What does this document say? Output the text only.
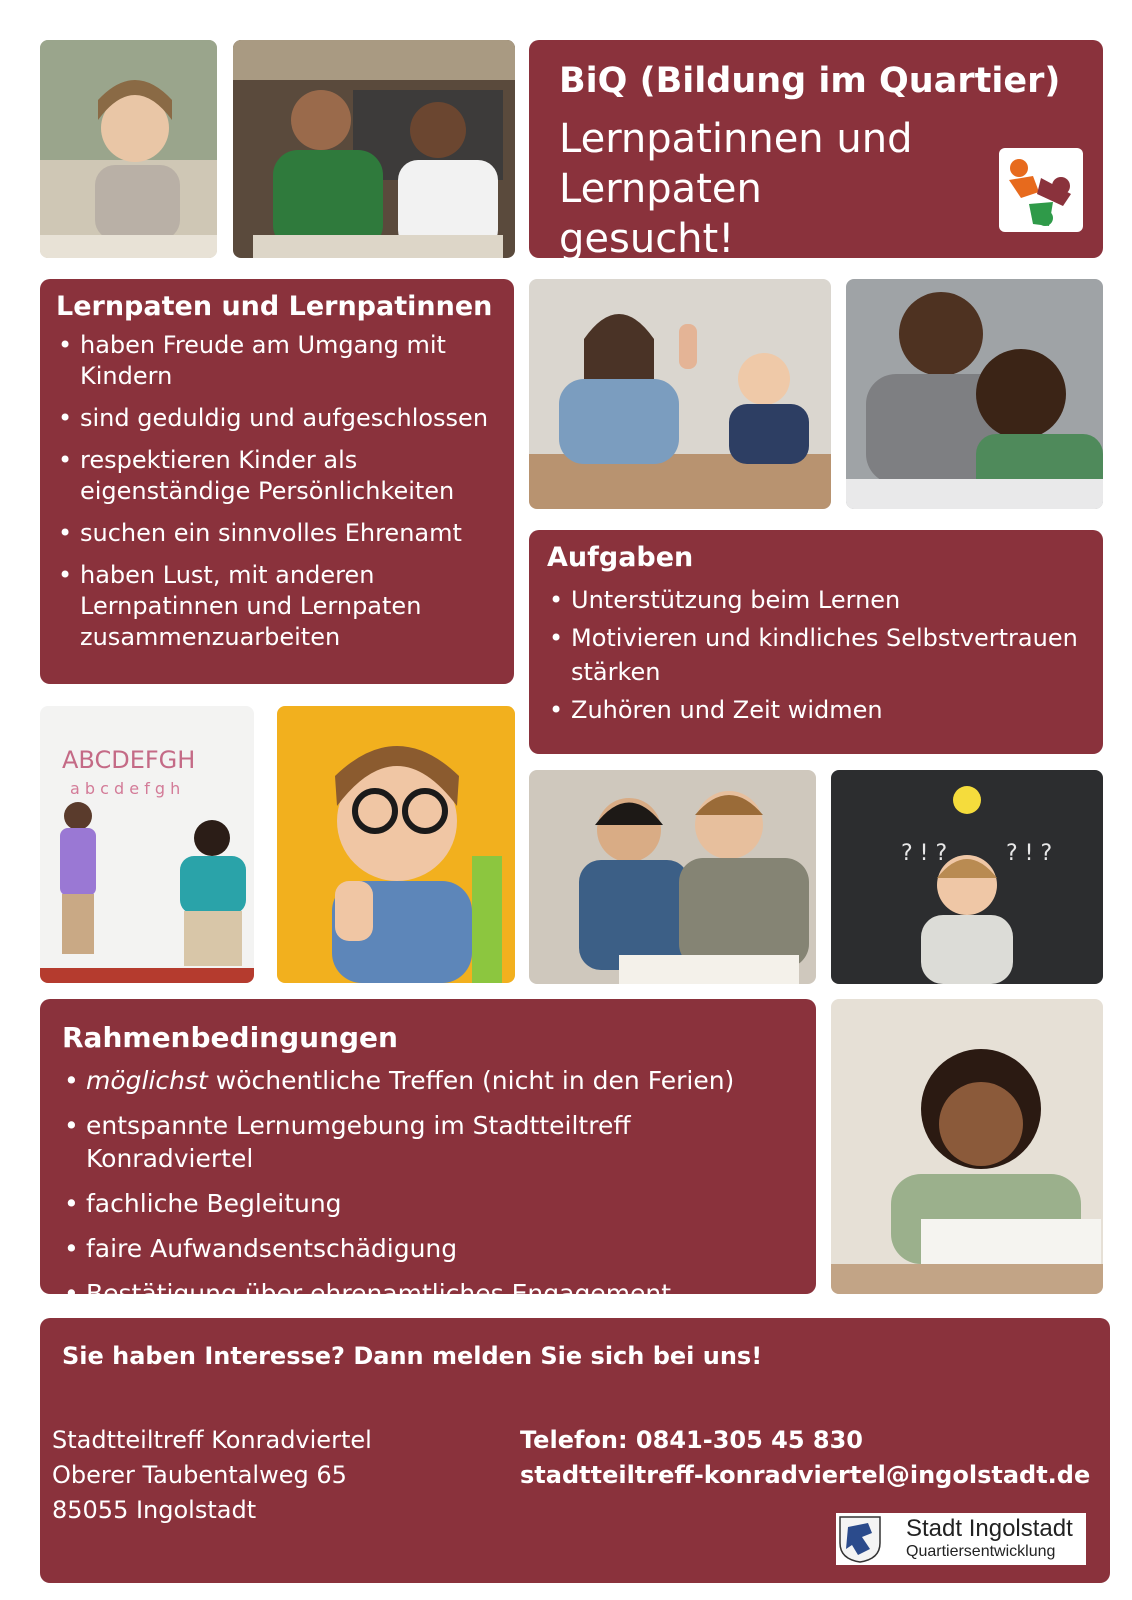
ABCDEFGH
a b c d e f g h
? ! ?	? ! ?
BiQ (Bildung im Quartier)
Lernpatinnen und Lernpaten gesucht!
Lernpaten und Lernpatinnen
• haben Freude am Umgang mit Kindern
• sind geduldig und aufgeschlossen
• respektieren Kinder als eigenständige Persönlichkeiten
• suchen ein sinnvolles Ehrenamt
• haben Lust, mit anderen Lernpatinnen und Lernpaten zusammenzuarbeiten
Aufgaben
• Unterstützung beim Lernen
• Motivieren und kindliches Selbstvertrauen stärken
• Zuhören und Zeit widmen
Rahmenbedingungen
• möglichst wöchentliche Treffen (nicht in den Ferien)
• entspannte Lernumgebung im Stadtteiltreff Konradviertel
• fachliche Begleitung
• faire Aufwandsentschädigung
• Bestätigung über ehrenamtliches Engagement
Sie haben Interesse? Dann melden Sie sich bei uns!
Stadtteiltreff Konradviertel
Oberer Taubentalweg 65
85055 Ingolstadt
Telefon: 0841-305 45 830
stadtteiltreff-konradviertel@ingolstadt.de
Stadt Ingolstadt
Quartiersentwicklung
